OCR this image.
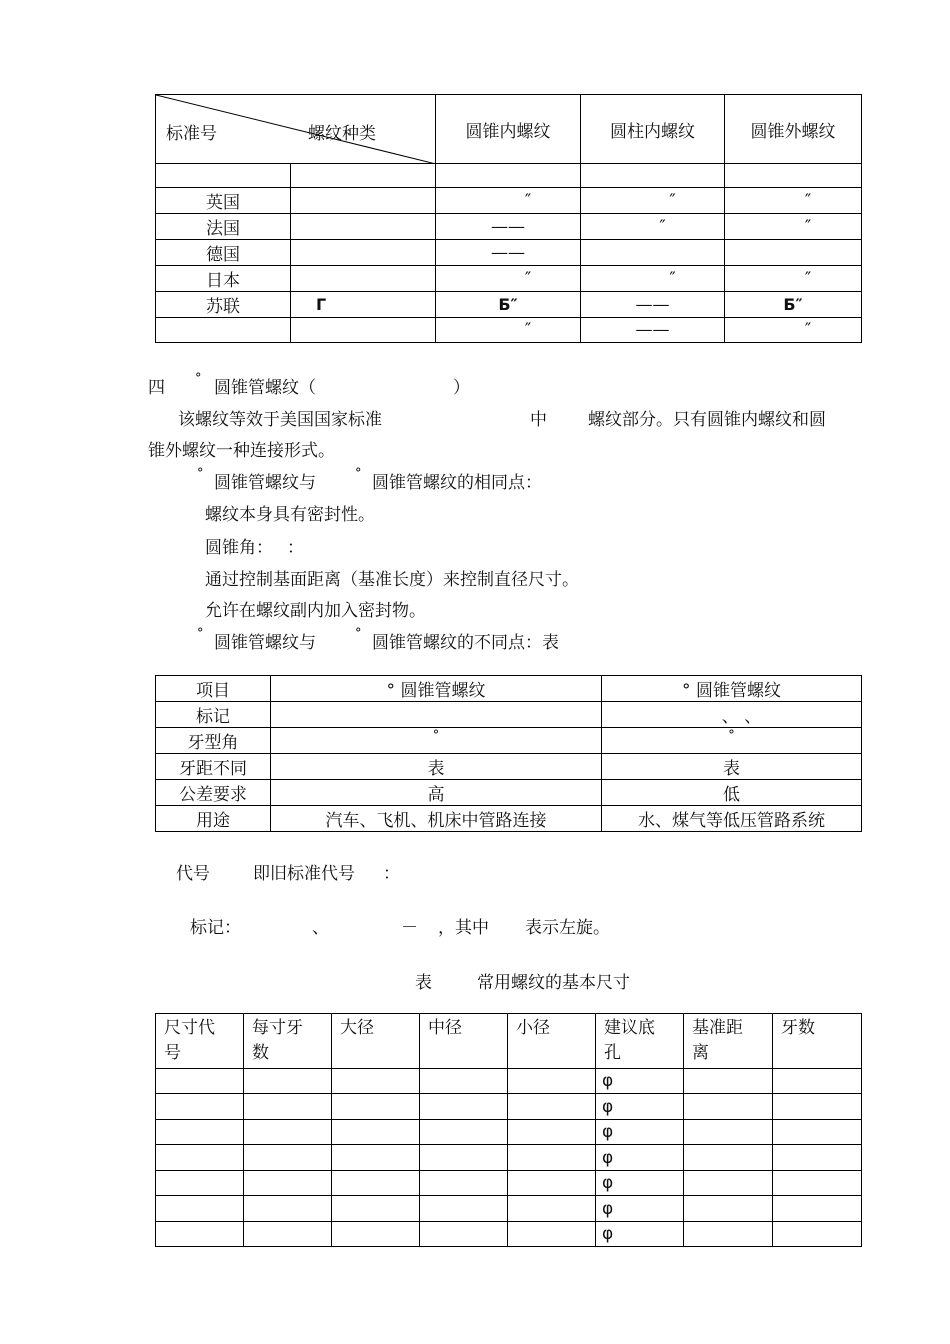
标准号 螺纹种类		圆锥内螺纹	圆柱内螺纹	圆锥外螺纹

英国		″	″	″
法国		——	″	″
德国		——		
日本		″	″	″
苏联	Г	Б″	——	Б″
		″	——	″
四 ° 圆锥管螺纹（	）
该螺纹等效于美国国家标准	中 螺纹部分。只有圆锥内螺纹和圆
锥外螺纹一种连接形式。
° 圆锥管螺纹与	° 圆锥管螺纹的相同点：
螺纹本身具有密封性。
圆锥角： ：
通过控制基面距离（基准长度）来控制直径尺寸。
允许在螺纹副内加入密封物。
° 圆锥管螺纹与	° 圆锥管螺纹的不同点：表
项目	° 圆锥管螺纹	° 圆锥管螺纹
标记		、 、
牙型角	°	°
牙距不同	表	表
公差要求	高	低
用途	汽车、飞机、机床中管路连接	水、煤气等低压管路系统
代号	即旧标准代号 ：
标记：	、	－ ，其中 表示左旋。
表	常用螺纹的基本尺寸
尺寸代
号	每寸牙
数	大径	中径	小径	建议底
孔	基准距
离	牙数
					φ		
					φ		
					φ		
					φ		
					φ		
					φ		
					φ		
